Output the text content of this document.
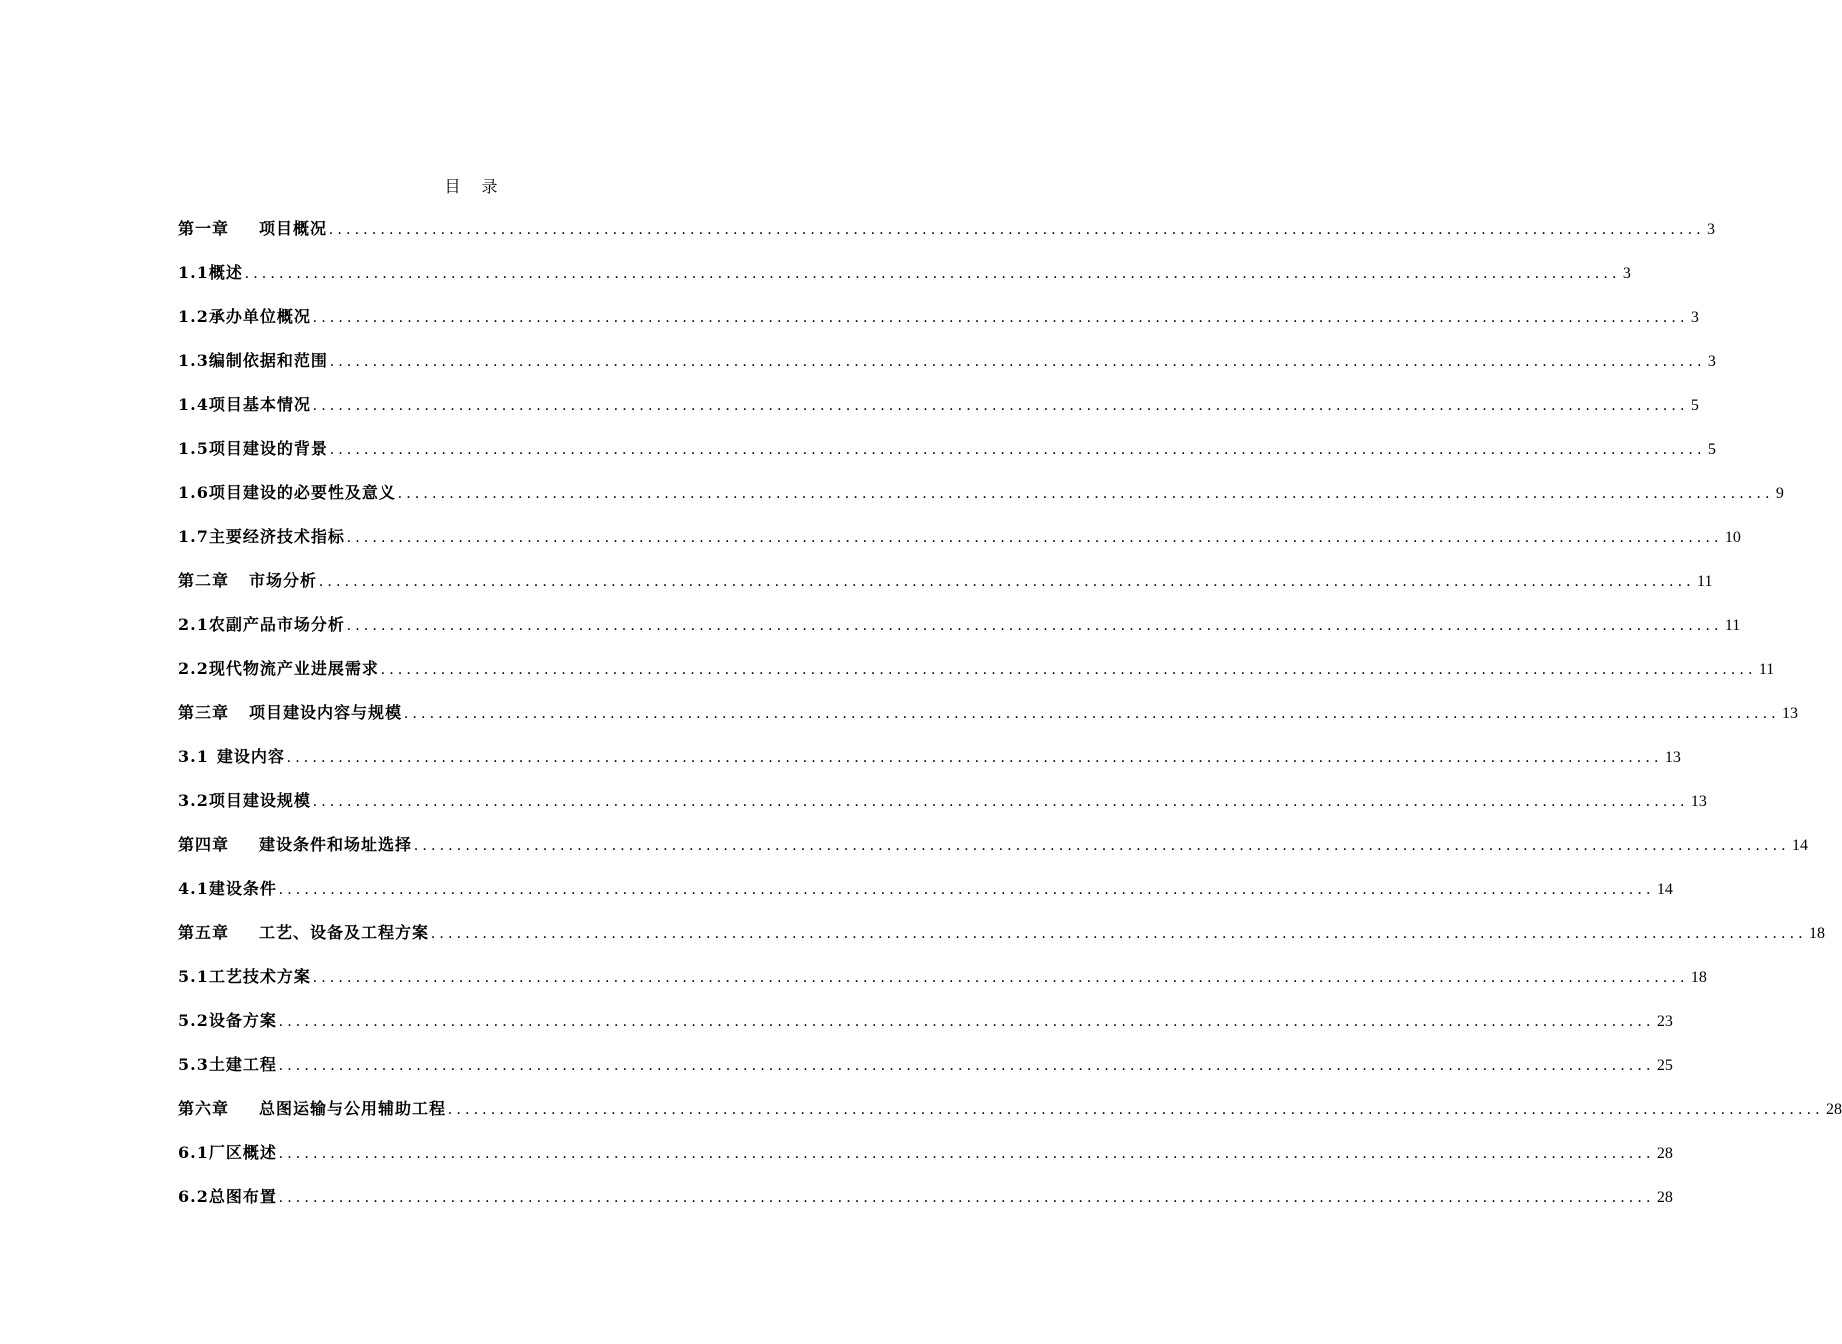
目 录
第一章 项目概况 ................................................................................................................................................................ 3
1.1概述 ................................................................................................................................................................ 3
1.2承办单位概况 ................................................................................................................................................................ 3
1.3编制依据和范围 ................................................................................................................................................................ 3
1.4项目基本情况 ................................................................................................................................................................ 5
1.5项目建设的背景 ................................................................................................................................................................ 5
1.6项目建设的必要性及意义 ................................................................................................................................................................ 9
1.7主要经济技术指标 ................................................................................................................................................................ 10
第二章 市场分析 ................................................................................................................................................................ 11
2.1农副产品市场分析 ................................................................................................................................................................ 11
2.2现代物流产业进展需求 ................................................................................................................................................................ 11
第三章 项目建设内容与规模 ................................................................................................................................................................ 13
3.1 建设内容 ................................................................................................................................................................ 13
3.2项目建设规模 ................................................................................................................................................................ 13
第四章 建设条件和场址选择 ................................................................................................................................................................ 14
4.1建设条件 ................................................................................................................................................................ 14
第五章 工艺、设备及工程方案 ................................................................................................................................................................ 18
5.1工艺技术方案 ................................................................................................................................................................ 18
5.2设备方案 ................................................................................................................................................................ 23
5.3土建工程 ................................................................................................................................................................ 25
第六章 总图运输与公用辅助工程 ................................................................................................................................................................ 28
6.1厂区概述 ................................................................................................................................................................ 28
6.2总图布置 ................................................................................................................................................................ 28
